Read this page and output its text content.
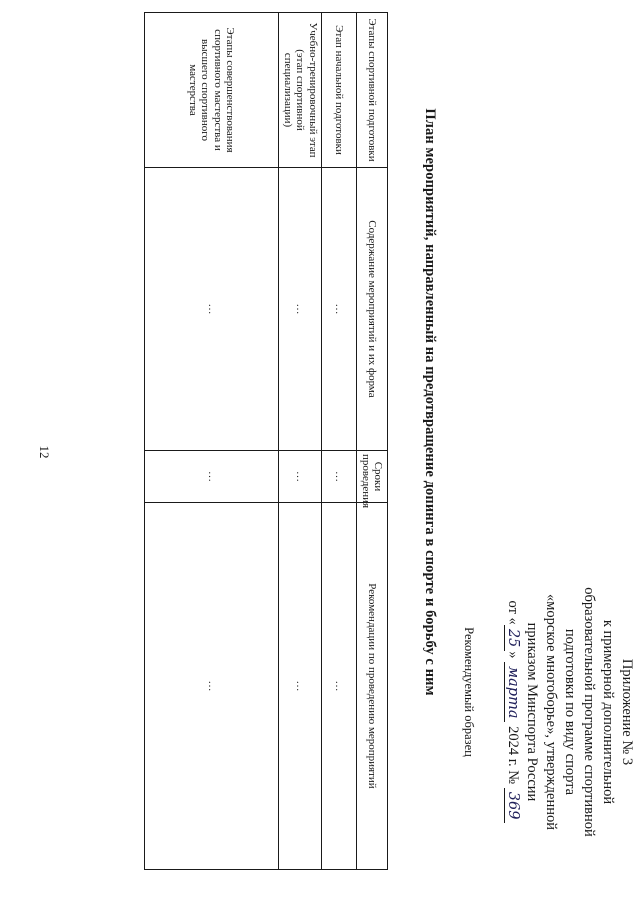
12
Приложение № 3
к примерной дополнительной
образовательной программе спортивной
подготовки по виду спорта
«морское многоборье», утвержденной
приказом Минспорта России
от «25» марта 2024 г. № 369
Рекомендуемый образец
План мероприятий, направленный на предотвращение допинга в спорте и борьбу с ним
Этапы спортивной подготовки	Содержание мероприятий и их форма	Сроки проведения	Рекомендации по проведению мероприятий
Этап начальной подготовки	…	…	…
Учебно-тренировочный этап (этап спортивной специализации)	…	…	…
Этапы совершенствования спортивного мастерства и высшего спортивного мастерства	…	…	…
